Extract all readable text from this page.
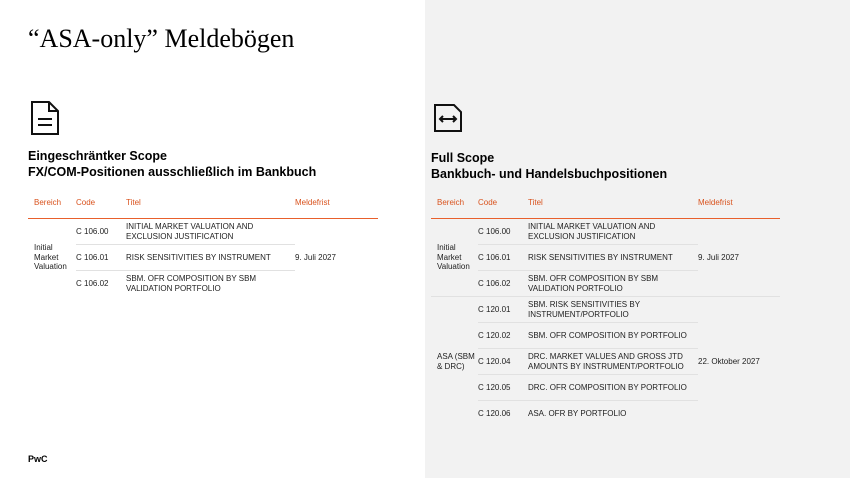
“ASA-only” Meldebögen
Eingeschräntker Scope
FX/COM-Positionen ausschließlich im Bankbuch
Full Scope
Bankbuch- und Handelsbuchpositionen
Bereich	Code	Titel	Meldefrist
Initial Market Valuation	C 106.00	INITIAL MARKET VALUATION AND EXCLUSION JUSTIFICATION	9. Juli 2027
	C 106.01	RISK SENSITIVITIES BY INSTRUMENT	
	C 106.02	SBM. OFR COMPOSITION BY SBM VALIDATION PORTFOLIO	
Bereich	Code	Titel	Meldefrist
Initial Market Valuation	C 106.00	INITIAL MARKET VALUATION AND EXCLUSION JUSTIFICATION	9. Juli 2027
	C 106.01	RISK SENSITIVITIES BY INSTRUMENT	
	C 106.02	SBM. OFR COMPOSITION BY SBM VALIDATION PORTFOLIO	
ASA (SBM & DRC)	C 120.01	SBM. RISK SENSITIVITIES BY INSTRUMENT/PORTFOLIO	22. Oktober 2027
	C 120.02	SBM. OFR COMPOSITION BY PORTFOLIO	
	C 120.04	DRC. MARKET VALUES AND GROSS JTD AMOUNTS BY INSTRUMENT/PORTFOLIO	
	C 120.05	DRC. OFR COMPOSITION BY PORTFOLIO	
	C 120.06	ASA. OFR BY PORTFOLIO	
PwC
